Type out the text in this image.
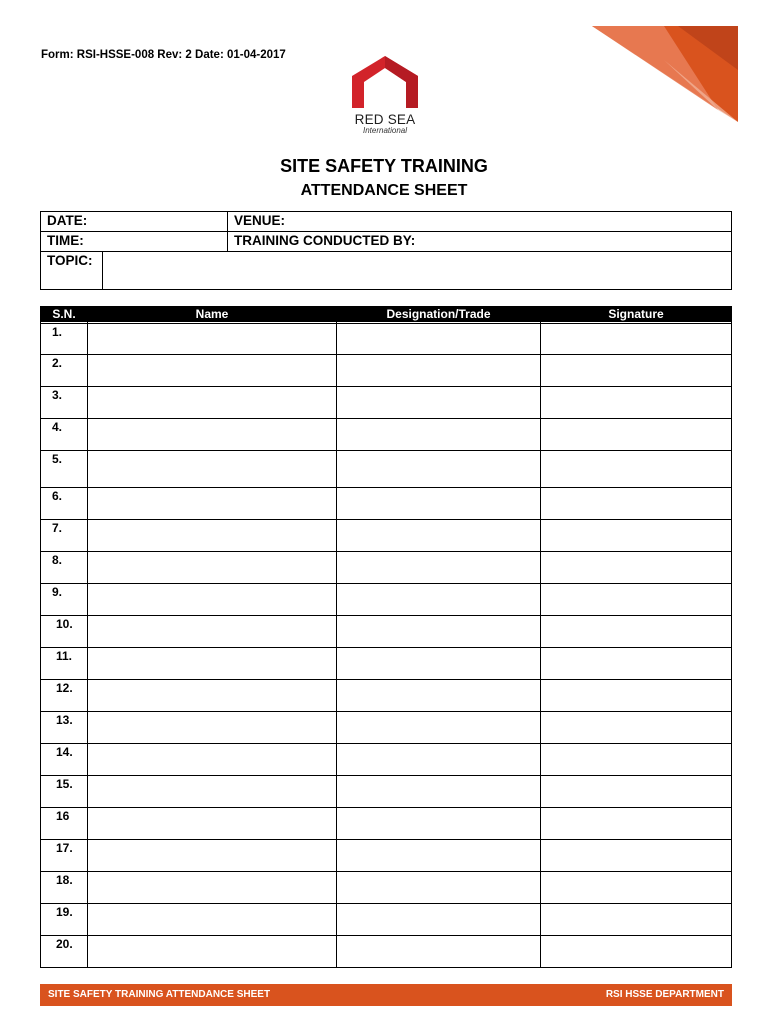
Form: RSI-HSSE-008 Rev: 2 Date: 01-04-2017
RED SEA
International
SITE SAFETY TRAINING
ATTENDANCE SHEET
DATE:	VENUE:
TIME:	TRAINING CONDUCTED BY:
TOPIC:
S.N.	Name	Designation/Trade	Signature
1.
2.
3.
4.
5.
6.
7.
8.
9.
10.
11.
12.
13.
14.
15.
16
17.
18.
19.
20.
SITE SAFETY TRAINING ATTENDANCE SHEET	RSI HSSE DEPARTMENT
